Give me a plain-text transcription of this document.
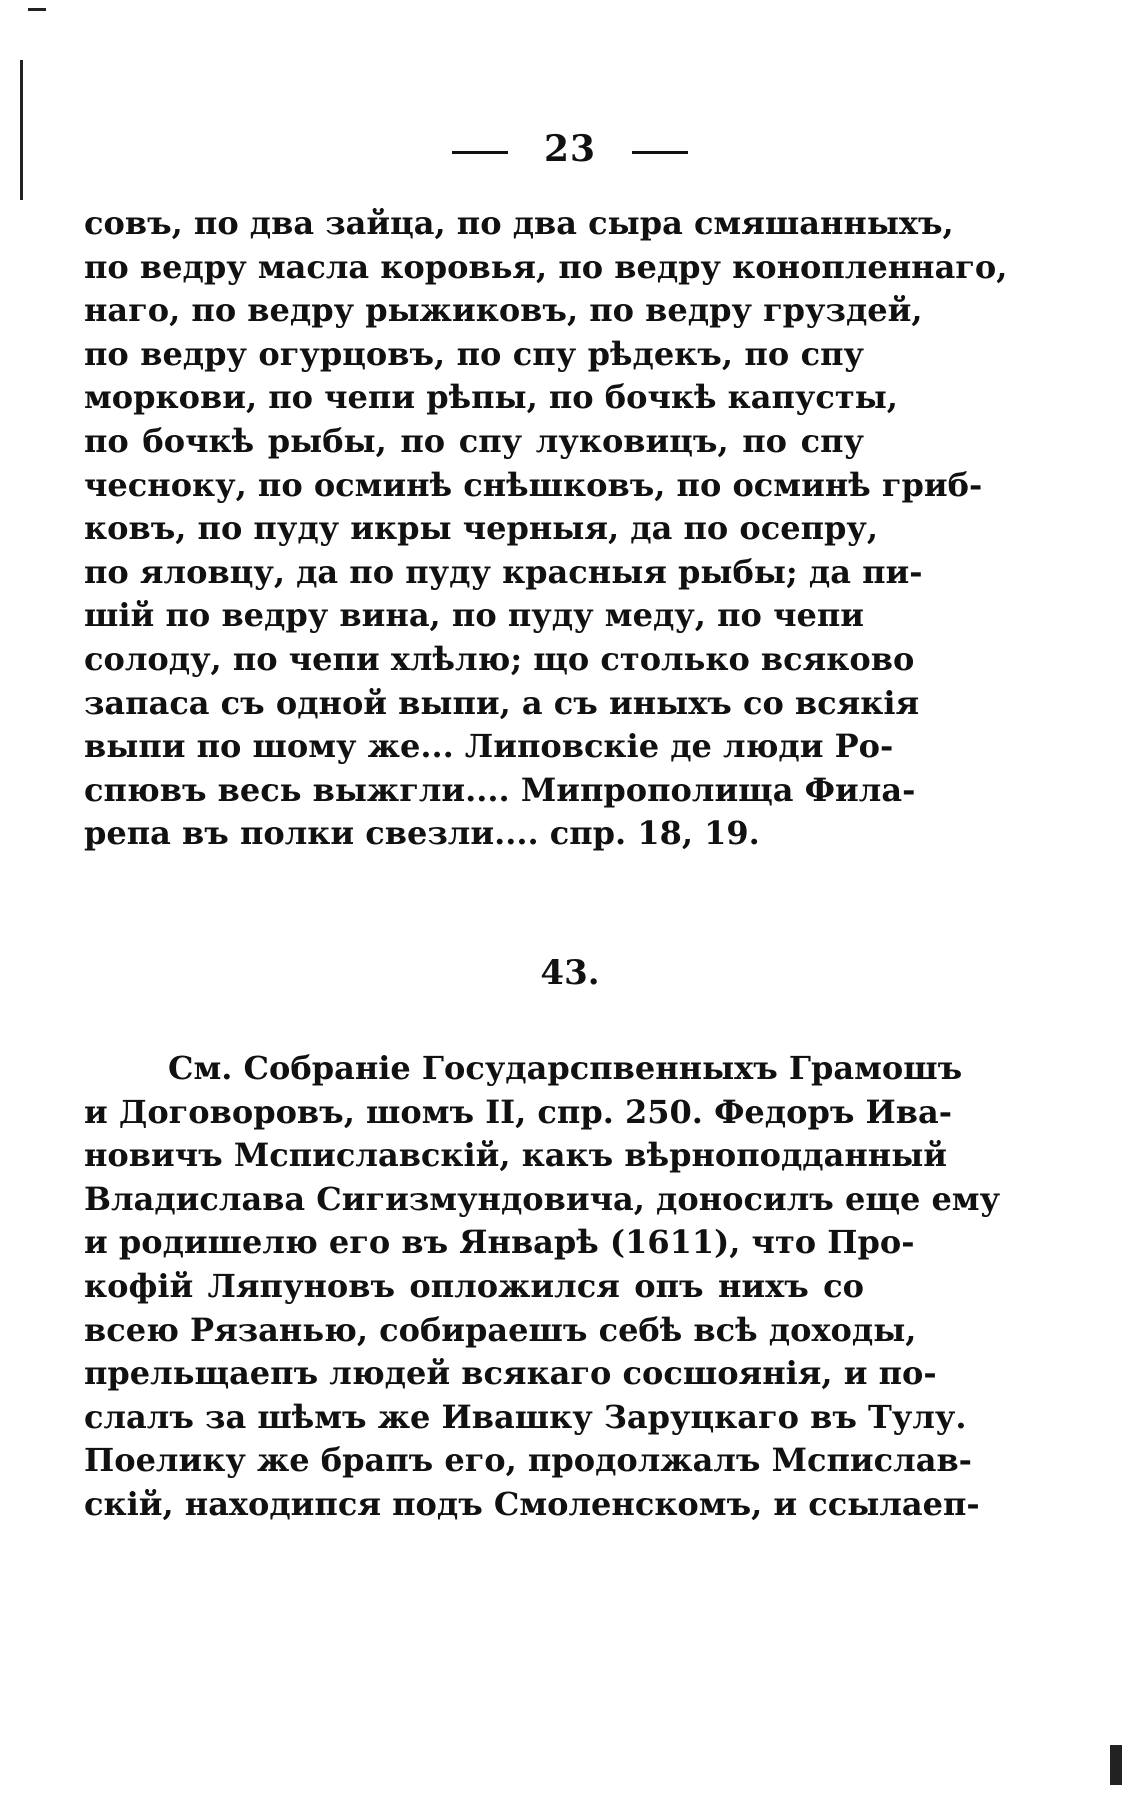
23
совъ, по два зайца, по два сыра смяшанныхъ,
по ведру масла коровья, по ведру конопленнаго,
наго, по ведру рыжиковъ, по ведру груздей,
по ведру огурцовъ, по спу рѣдекъ, по спу
моркови, по чепи рѣпы, по бочкѣ капусты,
по бочкѣ рыбы, по спу луковицъ, по спу
чесноку, по осминѣ снѣшковъ, по осминѣ гриб-
ковъ, по пуду икры черныя, да по осепру,
по яловцу, да по пуду красныя рыбы; да пи-
шій по ведру вина, по пуду меду, по чепи
солоду, по чепи хлѣлю; що столько всяково
запаса съ одной выпи, а съ иныхъ со всякія
выпи по шому же... Липовскіе де люди Ро-
спювъ весь выжгли.... Мипрополища Фила-
репа въ полки свезли.... спр. 18, 19.
43.
См. Собраніе Государспвенныхъ Грамошъ
и Договоровъ, шомъ II, спр. 250. Федоръ Ива-
новичъ Мспиславскій, какъ вѣрноподданный
Владислава Сигизмундовича, доносилъ еще ему
и родишелю его въ Январѣ (1611), что Про-
кофій Ляпуновъ опложился опъ нихъ со
всею Рязанью, собираешъ себѣ всѣ доходы,
прельщаепъ людей всякаго сосшоянія, и по-
слалъ за шѣмъ же Ивашку Заруцкаго въ Тулу.
Поелику же брапъ его, продолжалъ Мспислав-
скій, находипся подъ Смоленскомъ, и ссылаеп-
